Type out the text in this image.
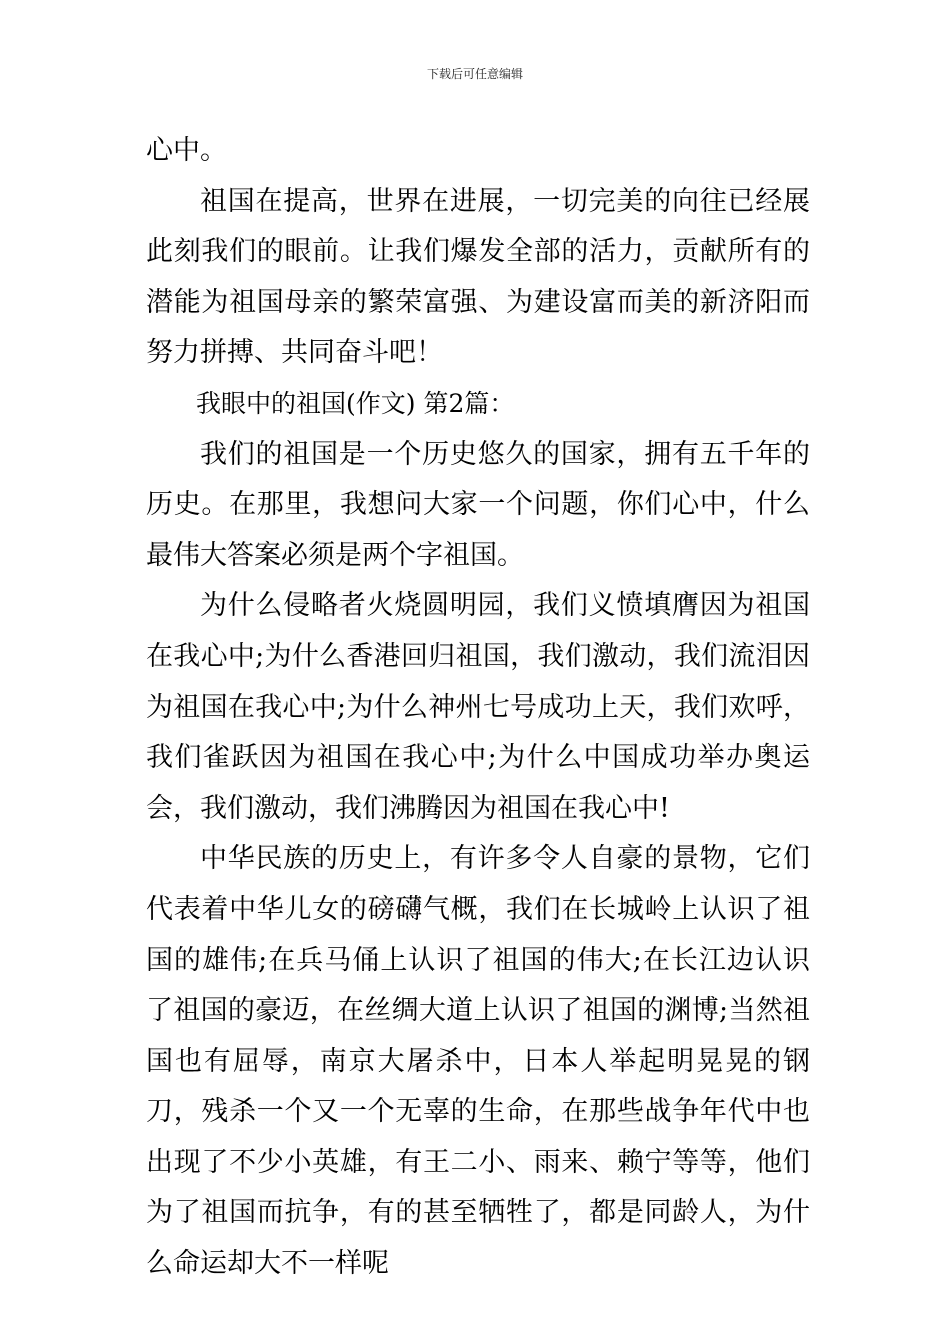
下载后可任意编辑

心中。

祖国在提高，世界在进展，一切完美的向往已经展此刻我们的眼前。让我们爆发全部的活力，贡献所有的潜能为祖国母亲的繁荣富强、为建设富而美的新济阳而努力拼搏、共同奋斗吧！

我眼中的祖国(作文) 第2篇：

我们的祖国是一个历史悠久的国家，拥有五千年的历史。在那里，我想问大家一个问题，你们心中，什么最伟大答案必须是两个字祖国。

为什么侵略者火烧圆明园，我们义愤填膺因为祖国在我心中;为什么香港回归祖国，我们激动，我们流泪因为祖国在我心中;为什么神州七号成功上天，我们欢呼，我们雀跃因为祖国在我心中;为什么中国成功举办奥运会，我们激动，我们沸腾因为祖国在我心中!

中华民族的历史上，有许多令人自豪的景物，它们代表着中华儿女的磅礴气概，我们在长城岭上认识了祖国的雄伟;在兵马俑上认识了祖国的伟大;在长江边认识了祖国的豪迈，在丝绸大道上认识了祖国的渊博;当然祖国也有屈辱，南京大屠杀中，日本人举起明晃晃的钢刀，残杀一个又一个无辜的生命，在那些战争年代中也出现了不少小英雄，有王二小、雨来、赖宁等等，他们为了祖国而抗争，有的甚至牺牲了，都是同龄人，为什么命运却大不一样呢
